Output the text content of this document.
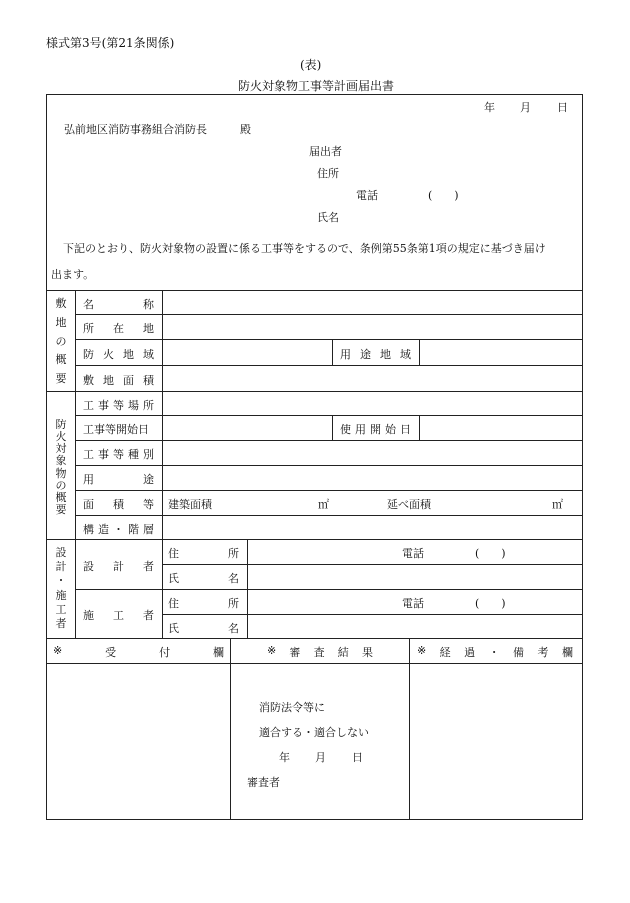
様式第3号(第21条関係)
(表)
防火対象物工事等計画届出書
年 月 日
弘前地区消防事務組合消防長	殿
届出者
住所
電話	(　　)
氏名
下記のとおり、防火対象物の設置に係る工事等をするので、条例第55条第1項の規定に基づき届け
出ます。
敷
地
の
概
要
名	称
所 在 地
防 火 地 域	用 途 地 域
敷 地 面 積
防
火
対
象
物
の
概
要
工 事 等 場 所
工事等開始日	使 用 開 始 日
工 事 等 種 別
用	途
面 積 等 建築面積	㎡	延べ面積	㎡
構 造 ・ 階 層
設
計
・
施
工
者
設 計 者
住	所	電話	(　　)
氏	名
施 工 者
住	所	電話	(　　)
氏	名
※	受	付	欄	※ 審 査 結 果	※ 経 過 ・ 備 考 欄
消防法令等に
適合する・適合しない
年 月 日
審査者
